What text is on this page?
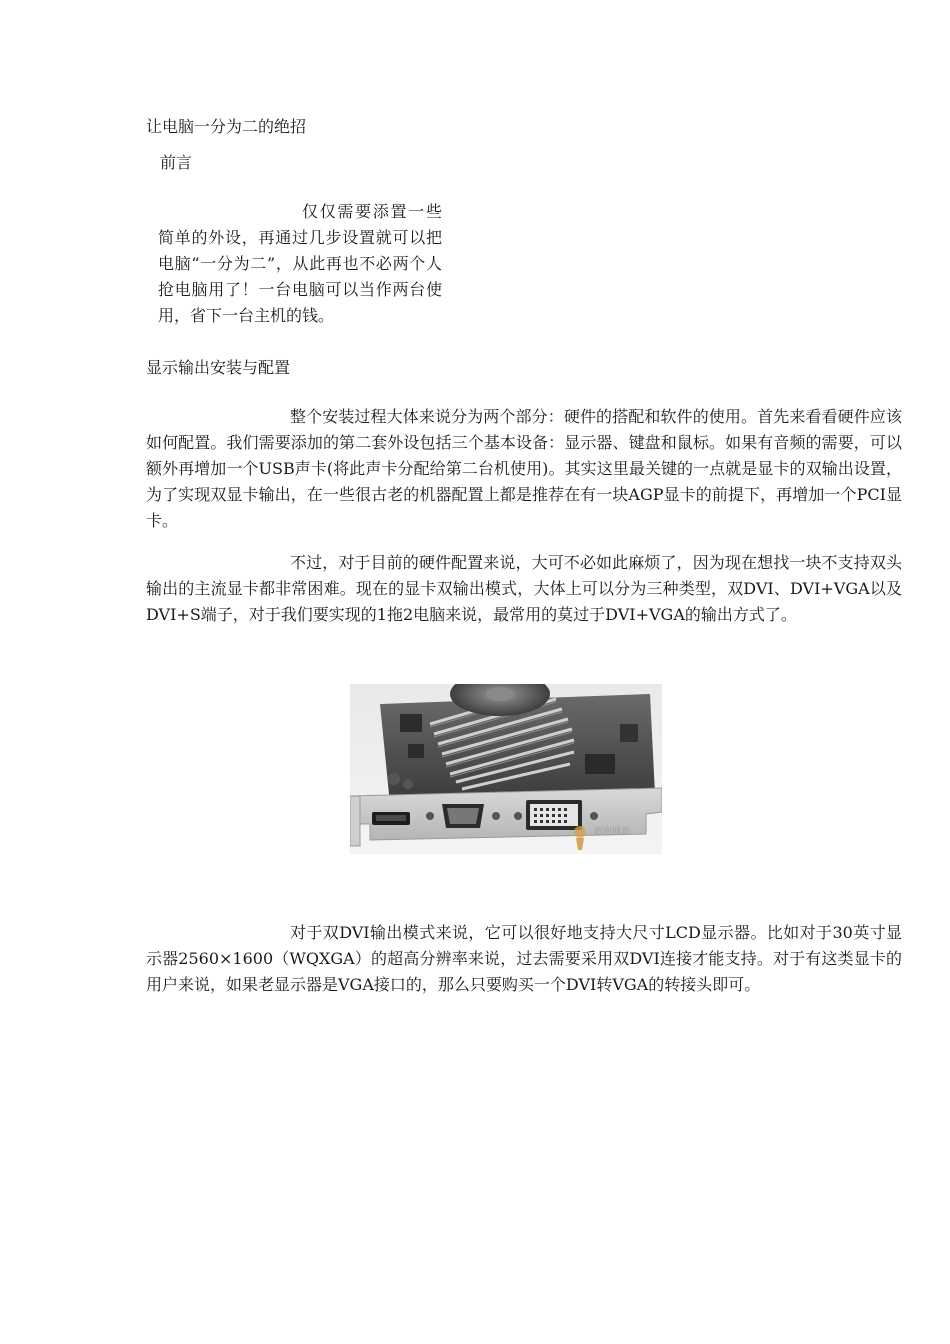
让电脑一分为二的绝招
前言

仅仅需要添置一些简单的外设，再通过几步设置就可以把电脑“一分为二”，从此再也不必两个人抢电脑用了！一台电脑可以当作两台使用，省下一台主机的钱。

显示输出安装与配置

整个安装过程大体来说分为两个部分：硬件的搭配和软件的使用。首先来看看硬件应该如何配置。我们需要添加的第二套外设包括三个基本设备：显示器、键盘和鼠标。如果有音频的需要，可以额外再增加一个USB声卡(将此声卡分配给第二台机使用)。其实这里最关键的一点就是显卡的双输出设置，为了实现双显卡输出，在一些很古老的机器配置上都是推荐在有一块AGP显卡的前提下，再增加一个PCI显卡。

不过，对于目前的硬件配置来说，大可不必如此麻烦了，因为现在想找一块不支持双头输出的主流显卡都非常困难。现在的显卡双输出模式，大体上可以分为三种类型，双DVI、DVI+VGA以及DVI+S端子，对于我们要实现的1拖2电脑来说，最常用的莫过于DVI+VGA的输出方式了。

泡泡网讯

对于双DVI输出模式来说，它可以很好地支持大尺寸LCD显示器。比如对于30英寸显示器2560×1600（WQXGA）的超高分辨率来说，过去需要采用双DVI连接才能支持。对于有这类显卡的用户来说，如果老显示器是VGA接口的，那么只要购买一个DVI转VGA的转接头即可。
